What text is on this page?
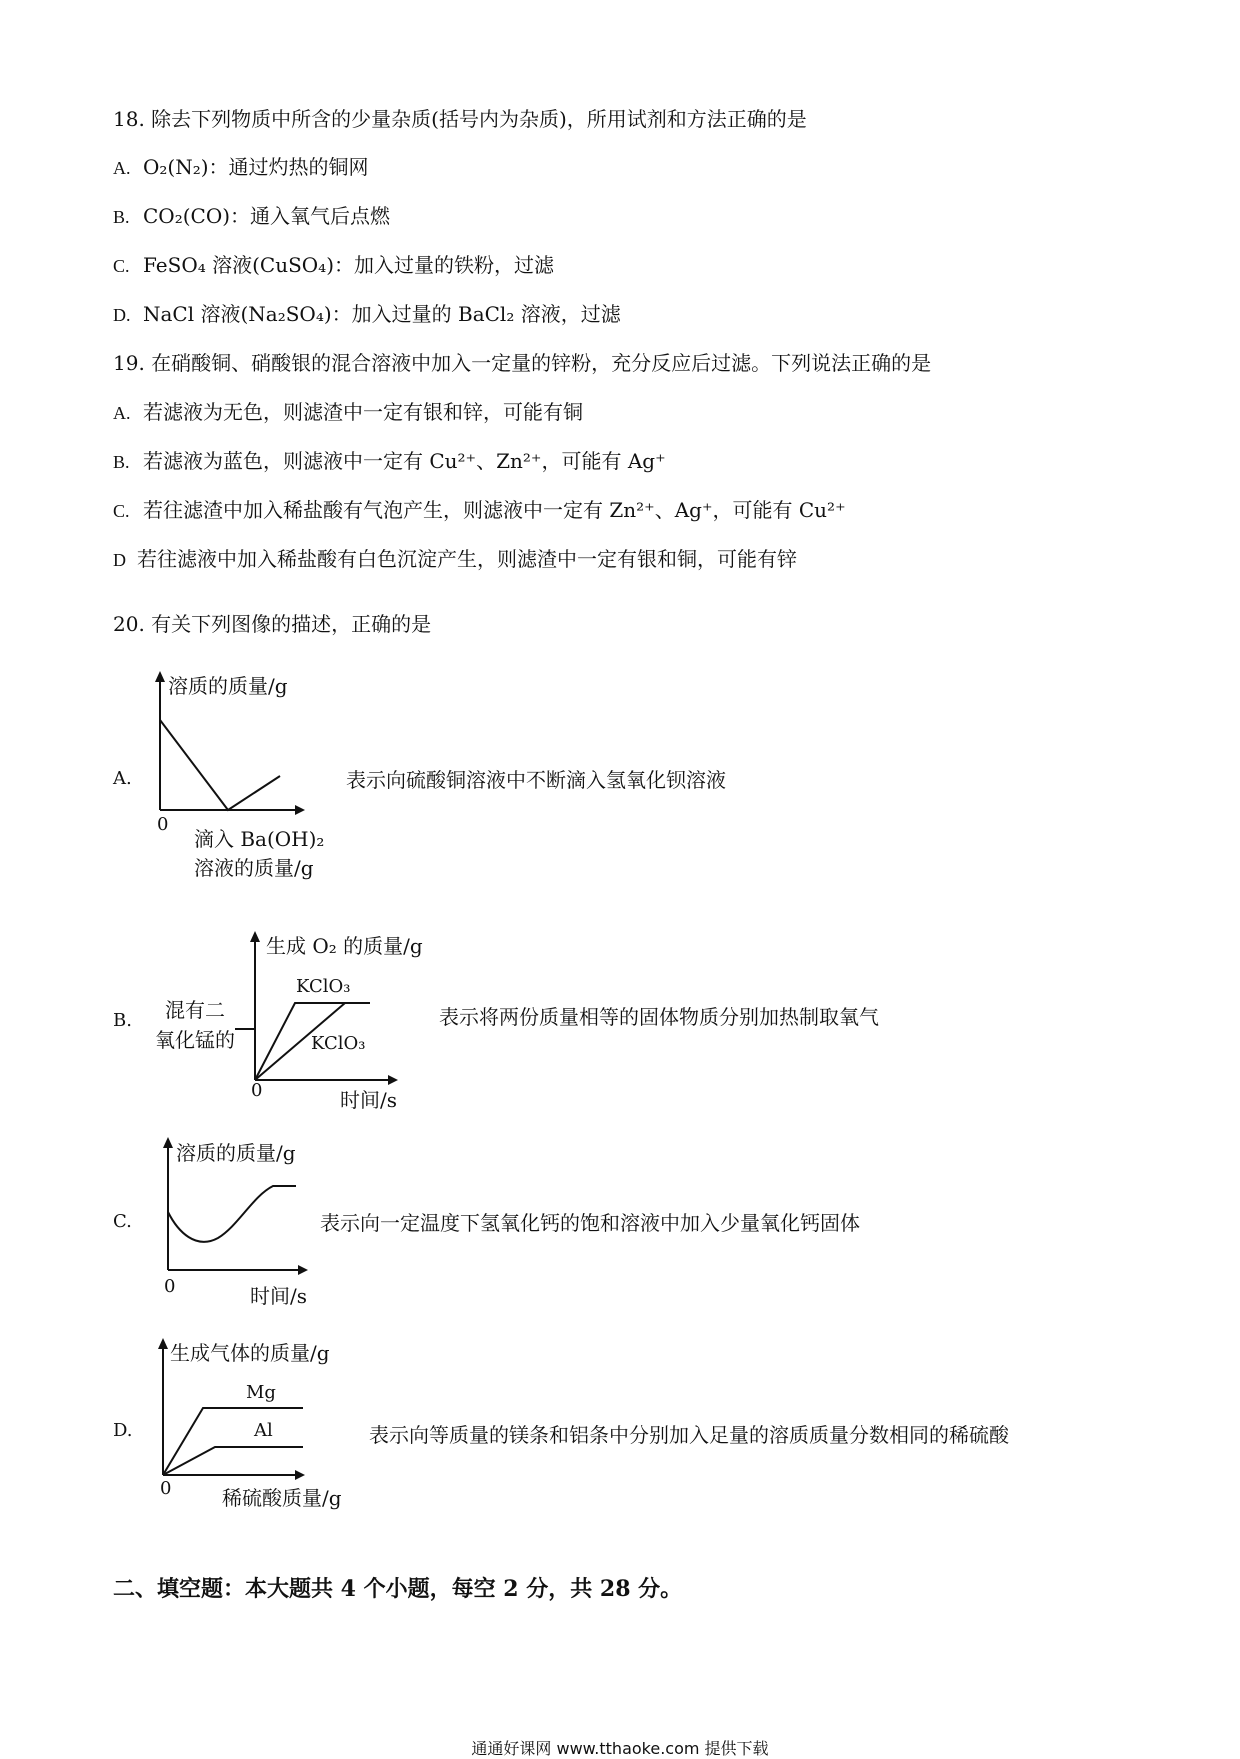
18. 除去下列物质中所含的少量杂质(括号内为杂质)，所用试剂和方法正确的是
A. O₂(N₂)：通过灼热的铜网
B. CO₂(CO)：通入氧气后点燃
C. FeSO₄ 溶液(CuSO₄)：加入过量的铁粉，过滤
D. NaCl 溶液(Na₂SO₄)：加入过量的 BaCl₂ 溶液，过滤
19. 在硝酸铜、硝酸银的混合溶液中加入一定量的锌粉，充分反应后过滤。下列说法正确的是
A. 若滤液为无色，则滤渣中一定有银和锌，可能有铜
B. 若滤液为蓝色，则滤液中一定有 Cu²⁺、Zn²⁺，可能有 Ag⁺
C. 若往滤渣中加入稀盐酸有气泡产生，则滤液中一定有 Zn²⁺、Ag⁺，可能有 Cu²⁺
D 若往滤液中加入稀盐酸有白色沉淀产生，则滤渣中一定有银和铜，可能有锌
20. 有关下列图像的描述，正确的是
A.
溶质的质量/g
0
滴入 Ba(OH)₂
溶液的质量/g
表示向硫酸铜溶液中不断滴入氢氧化钡溶液
B.
生成 O₂ 的质量/g
KClO₃
KClO₃
混有二
氧化锰的
0	时间/s
表示将两份质量相等的固体物质分别加热制取氧气
C.
溶质的质量/g
0	时间/s
表示向一定温度下氢氧化钙的饱和溶液中加入少量氧化钙固体
D.
生成气体的质量/g
Mg
Al
0	稀硫酸质量/g
表示向等质量的镁条和铝条中分别加入足量的溶质质量分数相同的稀硫酸
二、填空题：本大题共 4 个小题，每空 2 分，共 28 分。
通通好课网 www.tthaoke.com 提供下载
